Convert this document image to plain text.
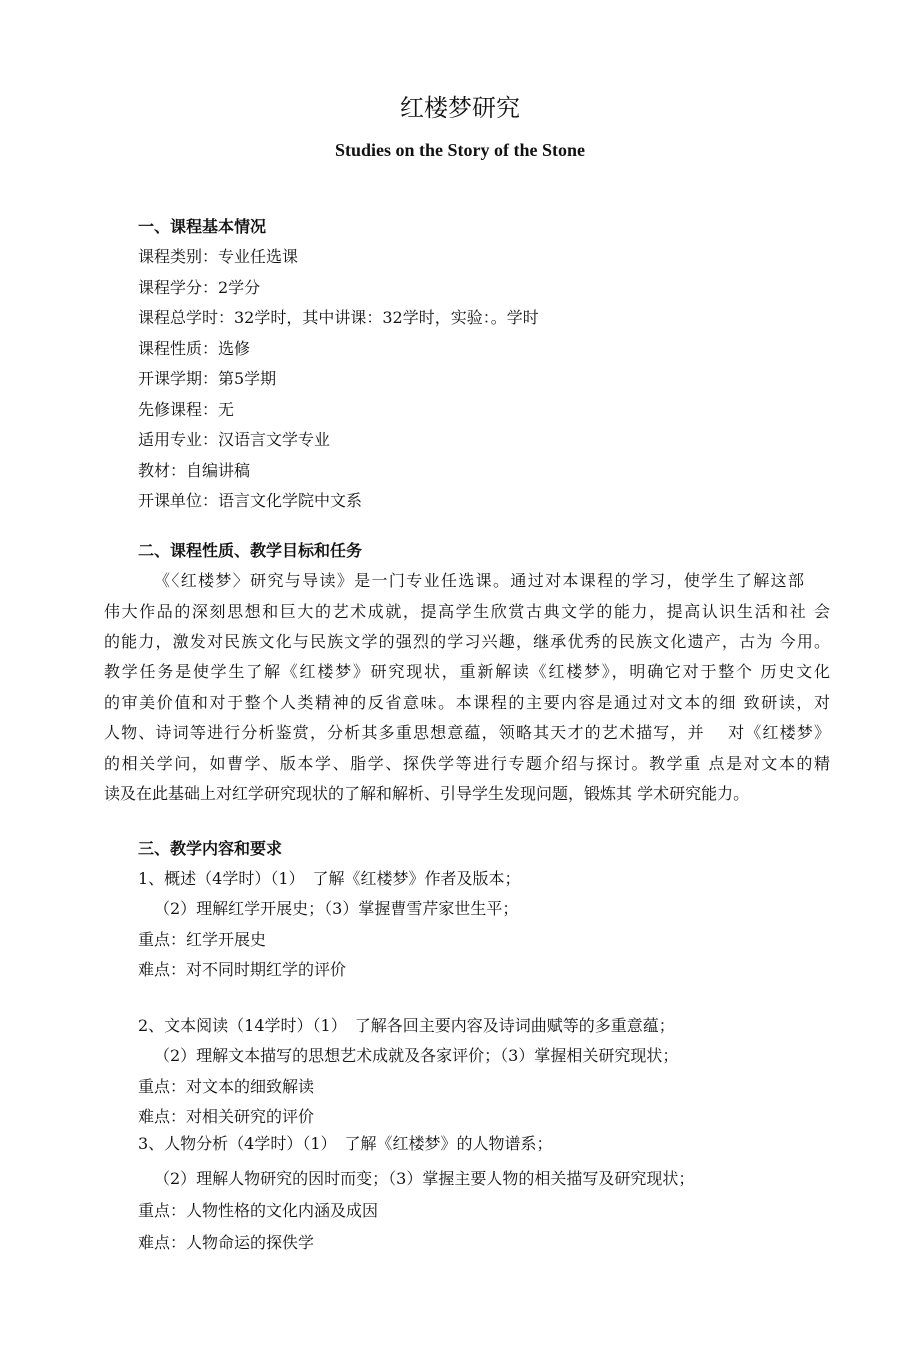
红楼梦研究
Studies on the Story of the Stone
一、课程基本情况
课程类别：专业任选课
课程学分：2学分
课程总学时：32学时，其中讲课：32学时，实验：。学时
课程性质：选修
开课学期：第5学期
先修课程：无
适用专业：汉语言文学专业
教材：自编讲稿
开课单位：语言文化学院中文系
二、课程性质、教学目标和任务
《〈红楼梦〉研究与导读》是一门专业任选课。通过对本课程的学习，使学生了解这部
伟大作品的深刻思想和巨大的艺术成就，提高学生欣赏古典文学的能力，提高认识生活和社 会
的能力，激发对民族文化与民族文学的强烈的学习兴趣，继承优秀的民族文化遗产，古为 今用。
教学任务是使学生了解《红楼梦》研究现状，重新解读《红楼梦》，明确它对于整个 历史文化
的审美价值和对于整个人类精神的反省意味。本课程的主要内容是通过对文本的细 致研读，对
人物、诗词等进行分析鉴赏，分析其多重思想意蕴，领略其天才的艺术描写，并　 对《红楼梦》
的相关学问，如曹学、版本学、脂学、探佚学等进行专题介绍与探讨。教学重 点是对文本的精
读及在此基础上对红学研究现状的了解和解析、引导学生发现问题，锻炼其 学术研究能力。
三、教学内容和要求
1、概述（4学时）（1）　了解《红楼梦》作者及版本；
（2）理解红学开展史；（3）掌握曹雪芹家世生平；
重点：红学开展史
难点：对不同时期红学的评价
2、文本阅读（14学时）（1）　了解各回主要内容及诗词曲赋等的多重意蕴；
（2）理解文本描写的思想艺术成就及各家评价；（3）掌握相关研究现状；
重点：对文本的细致解读
难点：对相关研究的评价
3、人物分析（4学时）（1）　了解《红楼梦》的人物谱系；
（2）理解人物研究的因时而变；（3）掌握主要人物的相关描写及研究现状；
重点：人物性格的文化内涵及成因
难点：人物命运的探佚学
